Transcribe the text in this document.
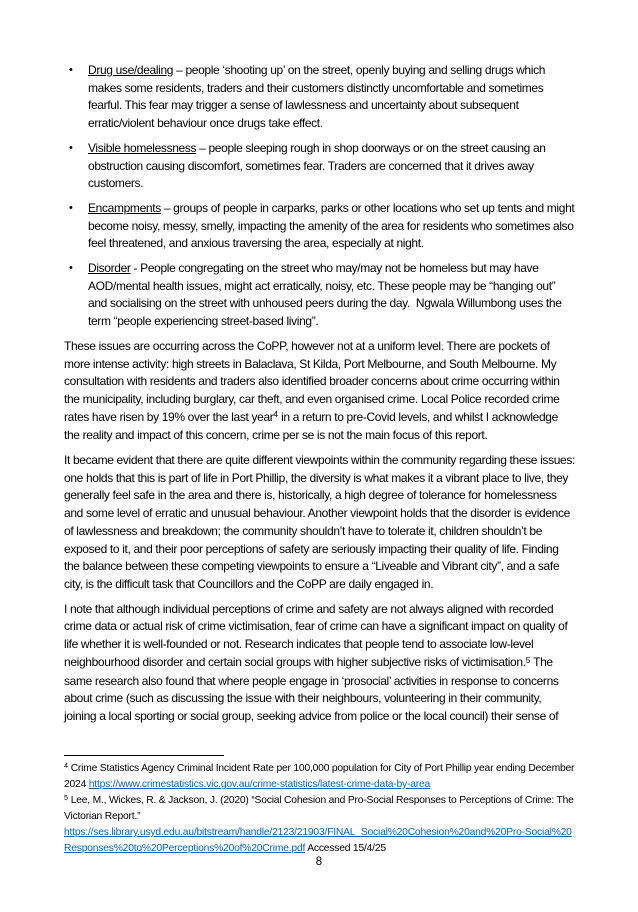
•	Drug use/dealing – people ‘shooting up’ on the street, openly buying and selling drugs which makes some residents, traders and their customers distinctly uncomfortable and sometimes fearful. This fear may trigger a sense of lawlessness and uncertainty about subsequent erratic/violent behaviour once drugs take effect.
•	Visible homelessness – people sleeping rough in shop doorways or on the street causing an obstruction causing discomfort, sometimes fear. Traders are concerned that it drives away customers.
•	Encampments – groups of people in carparks, parks or other locations who set up tents and might become noisy, messy, smelly, impacting the amenity of the area for residents who sometimes also feel threatened, and anxious traversing the area, especially at night.
•	Disorder - People congregating on the street who may/may not be homeless but may have AOD/mental health issues, might act erratically, noisy, etc. These people may be “hanging out” and socialising on the street with unhoused peers during the day.  Ngwala Willumbong uses the term “people experiencing street-based living”.

These issues are occurring across the CoPP, however not at a uniform level. There are pockets of more intense activity: high streets in Balaclava, St Kilda, Port Melbourne, and South Melbourne. My consultation with residents and traders also identified broader concerns about crime occurring within the municipality, including burglary, car theft, and even organised crime. Local Police recorded crime rates have risen by 19% over the last year$^4$ in a return to pre-Covid levels, and whilst I acknowledge the reality and impact of this concern, crime per se is not the main focus of this report.

It became evident that there are quite different viewpoints within the community regarding these issues: one holds that this is part of life in Port Phillip, the diversity is what makes it a vibrant place to live, they generally feel safe in the area and there is, historically, a high degree of tolerance for homelessness and some level of erratic and unusual behaviour. Another viewpoint holds that the disorder is evidence of lawlessness and breakdown; the community shouldn’t have to tolerate it, children shouldn’t be exposed to it, and their poor perceptions of safety are seriously impacting their quality of life. Finding the balance between these competing viewpoints to ensure a “Liveable and Vibrant city”, and a safe city, is the difficult task that Councillors and the CoPP are daily engaged in.

I note that although individual perceptions of crime and safety are not always aligned with recorded crime data or actual risk of crime victimisation, fear of crime can have a significant impact on quality of life whether it is well-founded or not. Research indicates that people tend to associate low-level neighbourhood disorder and certain social groups with higher subjective risks of victimisation.$^5$ The same research also found that where people engage in ‘prosocial’ activities in response to concerns about crime (such as discussing the issue with their neighbours, volunteering in their community, joining a local sporting or social group, seeking advice from police or the local council) their sense of

$^4$ Crime Statistics Agency Criminal Incident Rate per 100,000 population for City of Port Phillip year ending December 2024 https://www.crimestatistics.vic.gov.au/crime-statistics/latest-crime-data-by-area
$^5$ Lee, M., Wickes, R. & Jackson, J. (2020) “Social Cohesion and Pro-Social Responses to Perceptions of Crime: The Victorian Report.”
https://ses.library.usyd.edu.au/bitstream/handle/2123/21903/FINAL_Social%20Cohesion%20and%20Pro-Social%20Responses%20to%20Perceptions%20of%20Crime.pdf Accessed 15/4/25
8
